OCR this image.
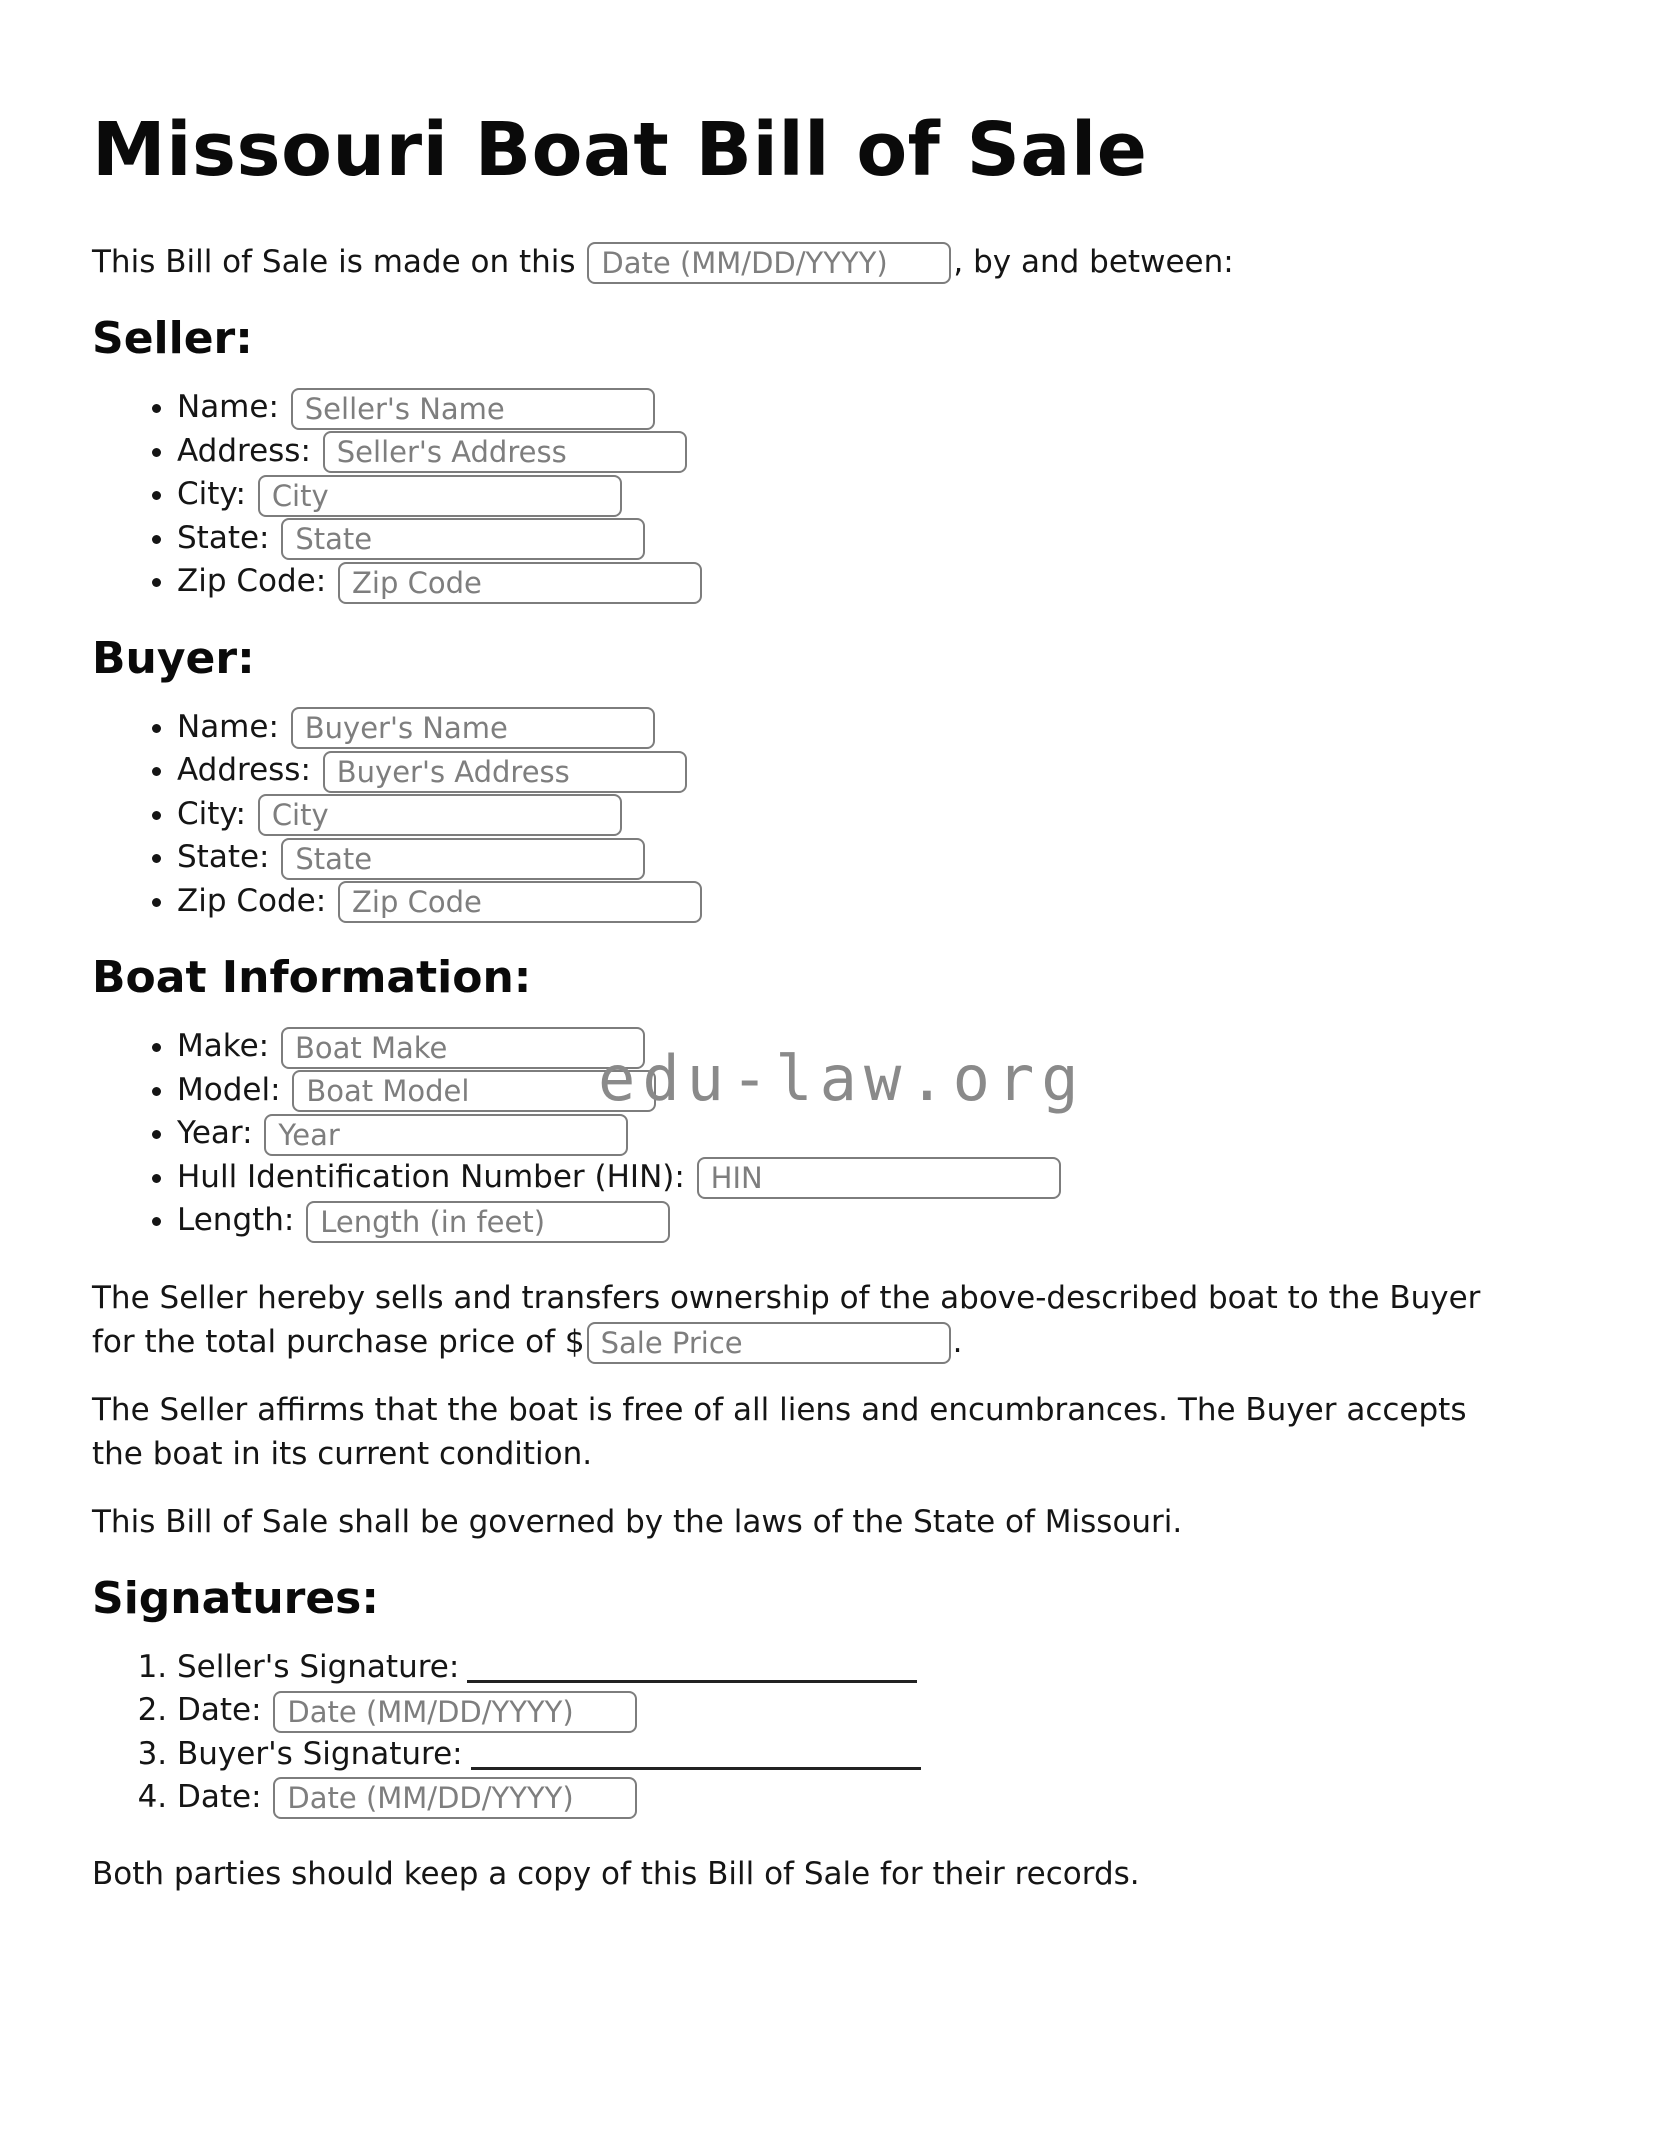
edu-law.org
Missouri Boat Bill of Sale

This Bill of Sale is made on this Date (MM/DD/YYYY)	, by and between:

Seller:
• Name: Seller's Name
• Address: Seller's Address
• City: City
• State: State
• Zip Code: Zip Code
Buyer:
• Name: Buyer's Name
• Address: Buyer's Address
• City: City
• State: State
• Zip Code: Zip Code
Boat Information:
• Make: Boat Make
• Model: Boat Model
• Year: Year
• Hull Identification Number (HIN): HIN
• Length: Length (in feet)

The Seller hereby sells and transfers ownership of the above-described boat to the Buyer
for the total purchase price of $Sale Price	.

The Seller affirms that the boat is free of all liens and encumbrances. The Buyer accepts
the boat in its current condition.

This Bill of Sale shall be governed by the laws of the State of Missouri.

Signatures:
1. Seller's Signature:
2. Date: Date (MM/DD/YYYY)
3. Buyer's Signature:
4. Date: Date (MM/DD/YYYY)

Both parties should keep a copy of this Bill of Sale for their records.
